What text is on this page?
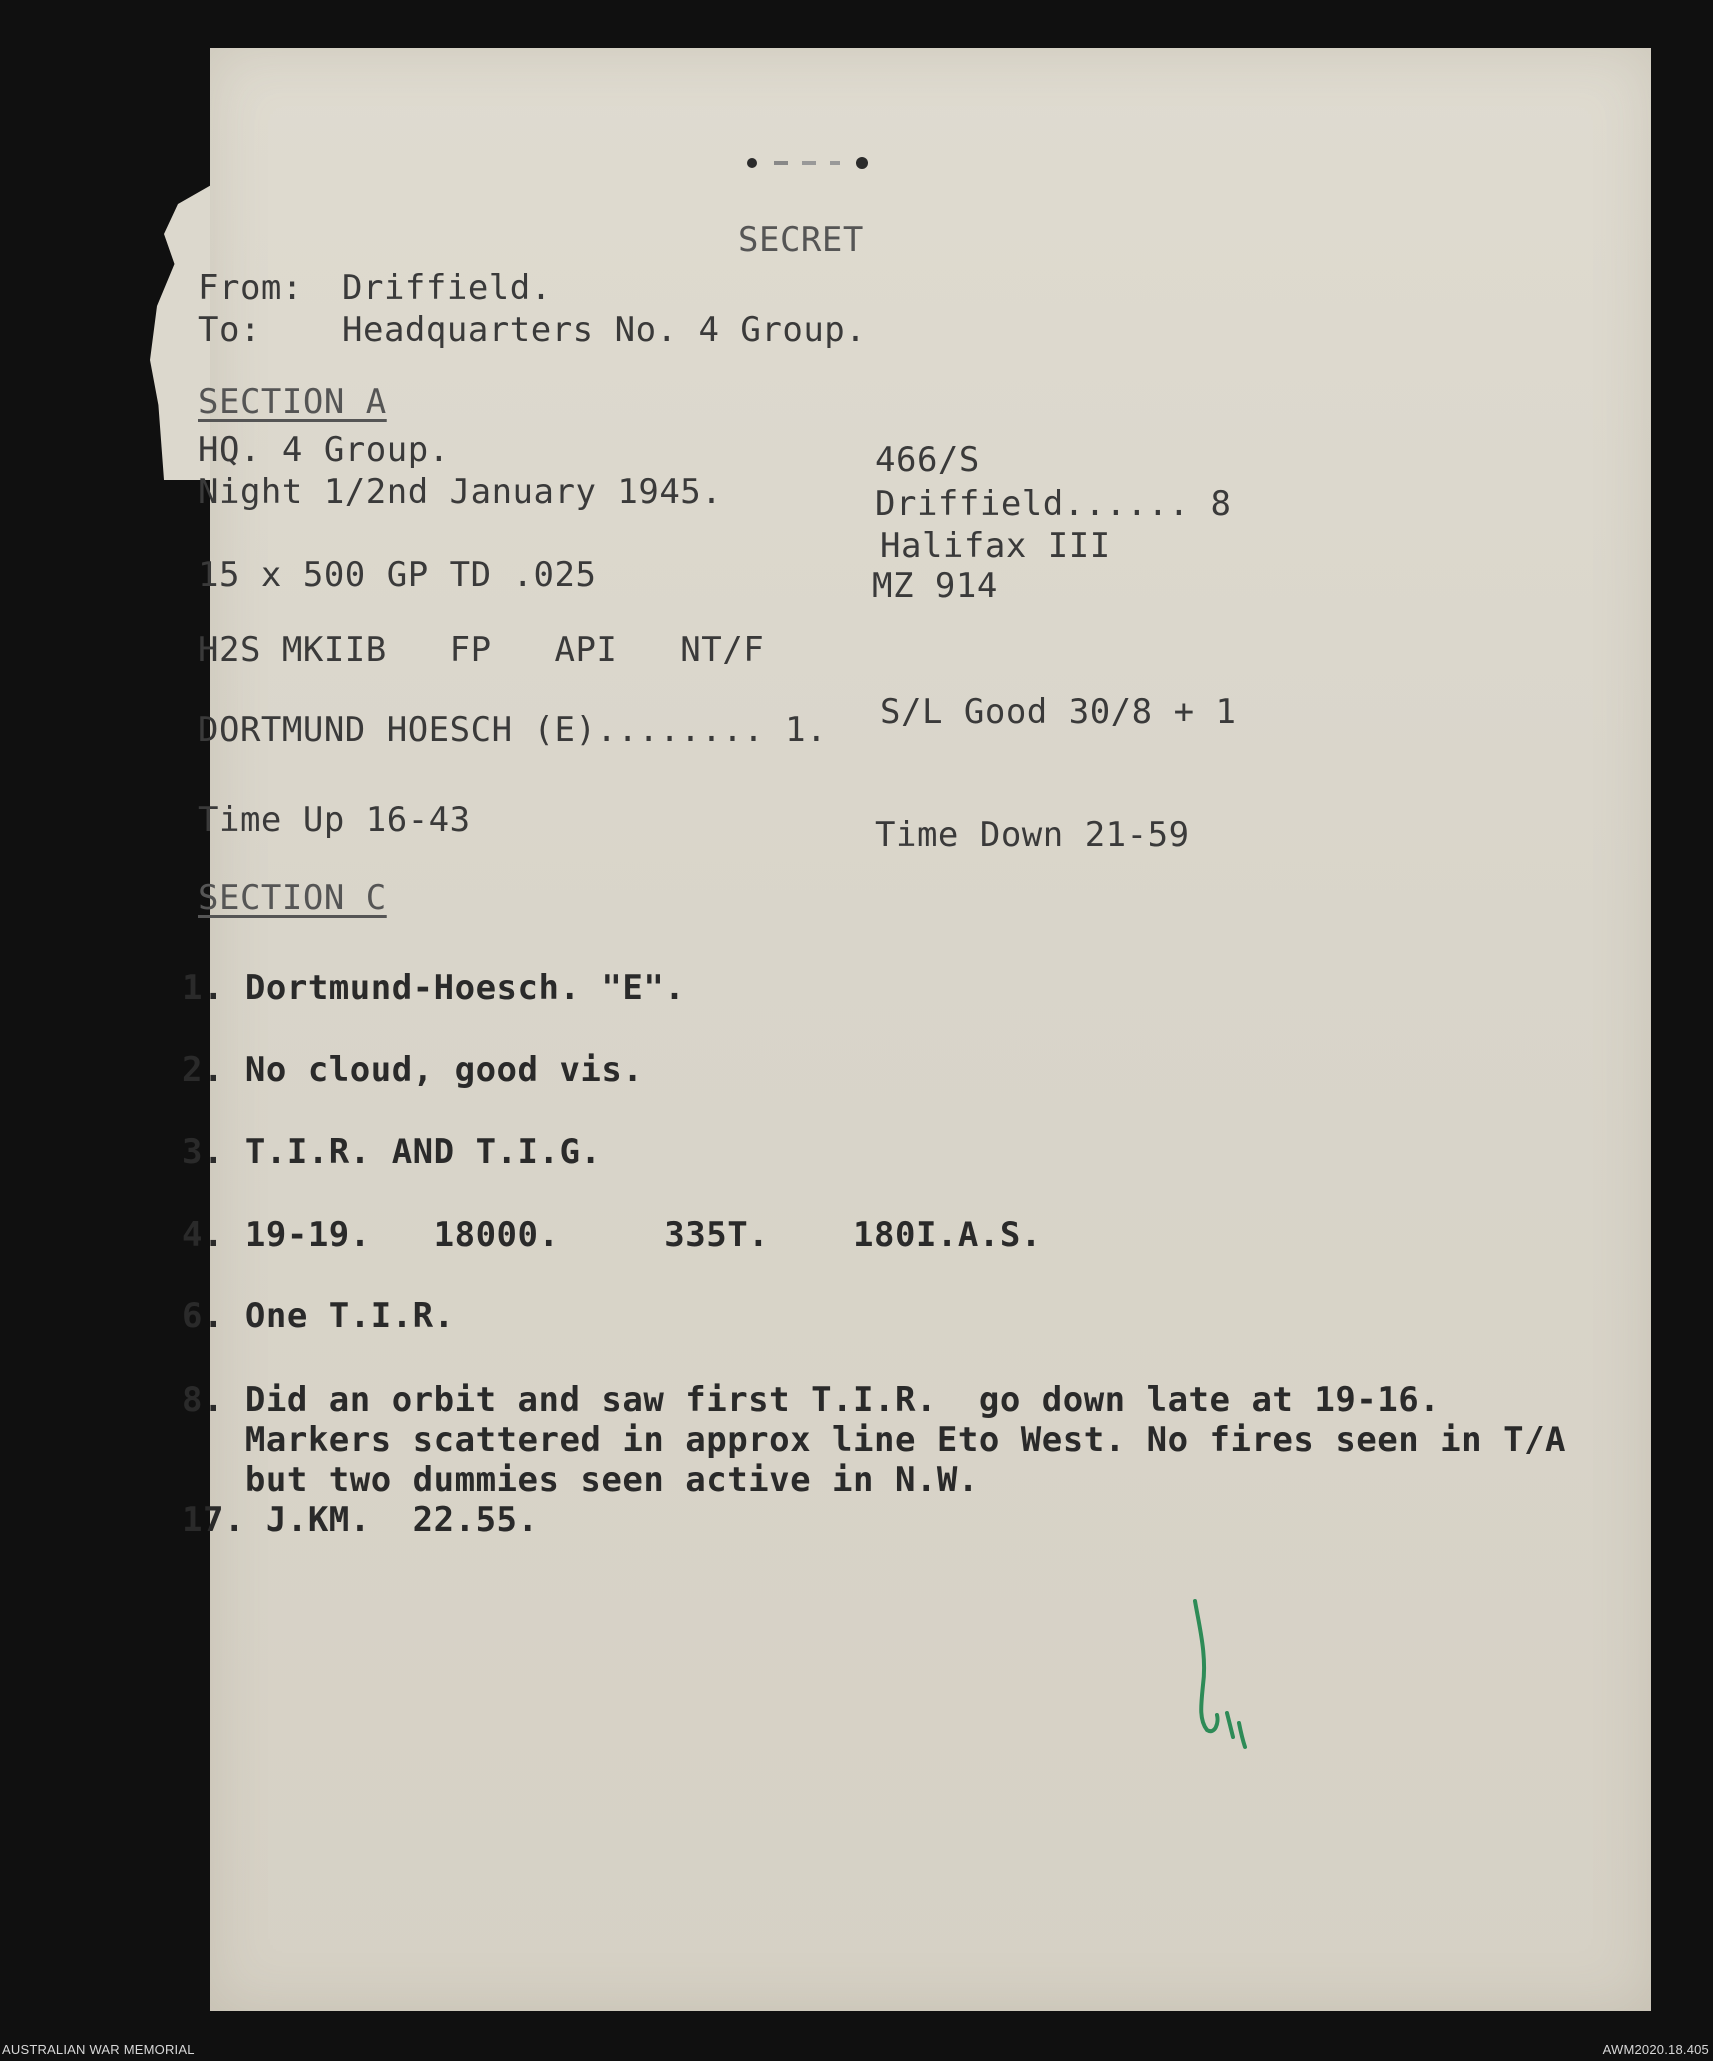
SECRET
From: Driffield.
To: Headquarters No. 4 Group.
SECTION A
HQ. 4 Group.
Night 1/2nd January 1945.
15 x 500 GP TD .025
H2S MKIIB   FP   API   NT/F
DORTMUND HOESCH (E)........ 1.
Time Up 16-43
466/S
Driffield...... 8
Halifax III
MZ 914
S/L Good 30/8 + 1
Time Down 21-59
SECTION C
1. Dortmund-Hoesch. "E".
2. No cloud, good vis.
3. T.I.R. AND T.I.G.
4. 19-19.   18000.     335T.    180I.A.S.
6. One T.I.R.
8. Did an orbit and saw first T.I.R.  go down late at 19-16.
Markers scattered in approx line Eto West. No fires seen in T/A
but two dummies seen active in N.W.
17. J.KM.  22.55.
AUSTRALIAN WAR MEMORIAL	AWM2020.18.405
